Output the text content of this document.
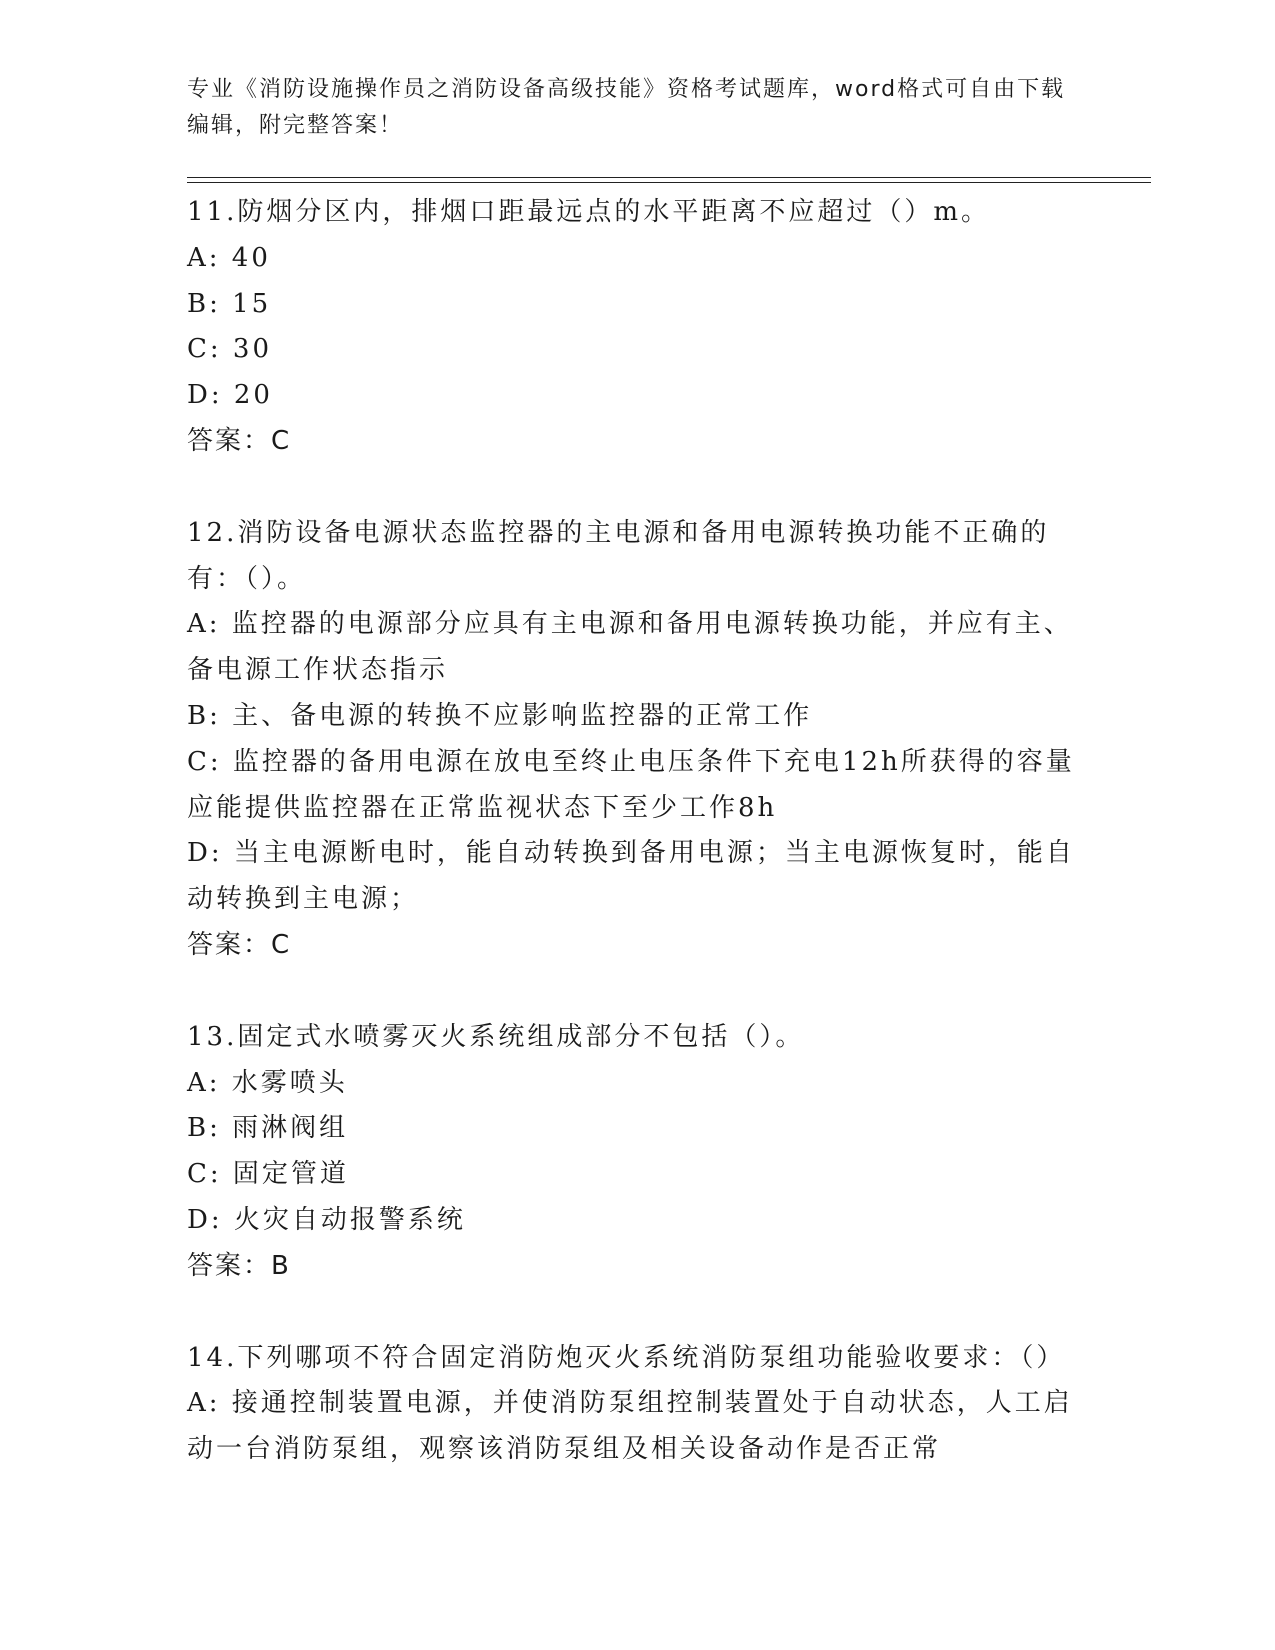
专业《消防设施操作员之消防设备高级技能》资格考试题库，word格式可自由下载编辑，附完整答案！

11.防烟分区内，排烟口距最远点的水平距离不应超过（）m。

A: 40

B: 15

C: 30

D: 20

答案：C

12.消防设备电源状态监控器的主电源和备用电源转换功能不正确的有：（）。

A: 监控器的电源部分应具有主电源和备用电源转换功能，并应有主、备电源工作状态指示

B: 主、备电源的转换不应影响监控器的正常工作

C: 监控器的备用电源在放电至终止电压条件下充电12h所获得的容量应能提供监控器在正常监视状态下至少工作8h

D: 当主电源断电时，能自动转换到备用电源；当主电源恢复时，能自动转换到主电源；

答案：C

13.固定式水喷雾灭火系统组成部分不包括（）。

A: 水雾喷头

B: 雨淋阀组

C: 固定管道

D: 火灾自动报警系统

答案：B

14.下列哪项不符合固定消防炮灭火系统消防泵组功能验收要求：（）

A: 接通控制装置电源，并使消防泵组控制装置处于自动状态，人工启动一台消防泵组，观察该消防泵组及相关设备动作是否正常
